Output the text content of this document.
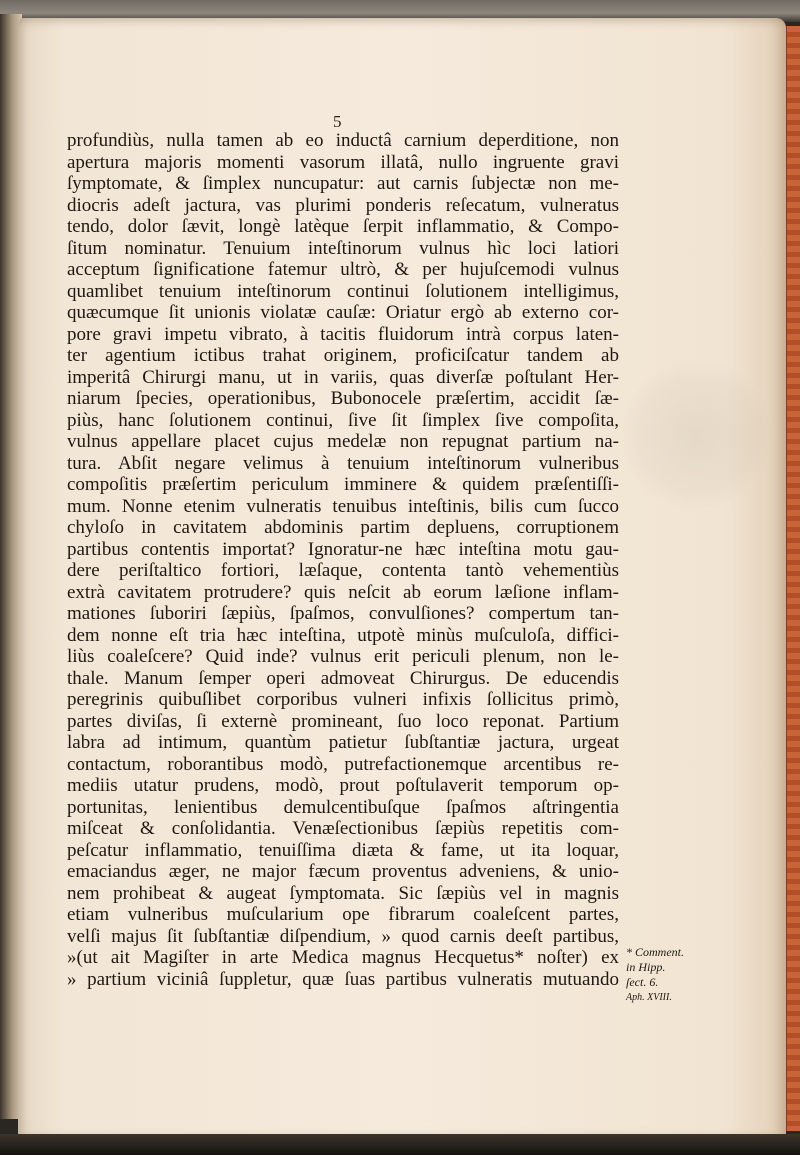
5
profundiùs, nulla tamen ab eo inductâ carnium deperditione, non
apertura majoris momenti vasorum illatâ, nullo ingruente gravi
ſymptomate, & ſimplex nuncupatur: aut carnis ſubjectæ non me-
diocris adeſt jactura, vas plurimi ponderis reſecatum, vulneratus
tendo, dolor ſævit, longè latèque ſerpit inflammatio, & Compo-
ſitum nominatur. Tenuium inteſtinorum vulnus hìc loci latiori
acceptum ſignificatione fatemur ultrò, & per hujuſcemodi vulnus
quamlibet tenuium inteſtinorum continui ſolutionem intelligimus,
quæcumque ſit unionis violatæ cauſæ: Oriatur ergò ab externo cor-
pore gravi impetu vibrato, à tacitis fluidorum intrà corpus laten-
ter agentium ictibus trahat originem, proficiſcatur tandem ab
imperitâ Chirurgi manu, ut in variis, quas diverſæ poſtulant Her-
niarum ſpecies, operationibus, Bubonocele præſertim, accidit ſæ-
piùs, hanc ſolutionem continui, ſive ſit ſimplex ſive compoſita,
vulnus appellare placet cujus medelæ non repugnat partium na-
tura. Abſit negare velimus à tenuium inteſtinorum vulneribus
compoſitis præſertim periculum imminere & quidem præſentiſſi-
mum. Nonne etenim vulneratis tenuibus inteſtinis, bilis cum ſucco
chyloſo in cavitatem abdominis partim depluens, corruptionem
partibus contentis importat? Ignoratur-ne hæc inteſtina motu gau-
dere periſtaltico fortiori, læſaque, contenta tantò vehementiùs
extrà cavitatem protrudere? quis neſcit ab eorum læſione inflam-
mationes ſuboriri ſæpiùs, ſpaſmos, convulſiones? compertum tan-
dem nonne eſt tria hæc inteſtina, utpotè minùs muſculoſa, diffici-
liùs coaleſcere? Quid inde? vulnus erit periculi plenum, non le-
thale. Manum ſemper operi admoveat Chirurgus. De educendis
peregrinis quibuſlibet corporibus vulneri infixis ſollicitus primò,
partes diviſas, ſi externè promineant, ſuo loco reponat. Partium
labra ad intimum, quantùm patietur ſubſtantiæ jactura, urgeat
contactum, roborantibus modò, putrefactionemque arcentibus re-
mediis utatur prudens, modò, prout poſtulaverit temporum op-
portunitas, lenientibus demulcentibuſque ſpaſmos aſtringentia
miſceat & conſolidantia. Venæſectionibus ſæpiùs repetitis com-
peſcatur inflammatio, tenuiſſima diæta & fame, ut ita loquar,
emaciandus æger, ne major fæcum proventus adveniens, & unio-
nem prohibeat & augeat ſymptomata. Sic ſæpiùs vel in magnis
etiam vulneribus muſcularium ope fibrarum coaleſcent partes,
velſi majus ſit ſubſtantiæ diſpendium, » quod carnis deeſt partibus,
»(ut ait Magiſter in arte Medica magnus Hecquetus* noſter) ex
» partium viciniâ ſuppletur, quæ ſuas partibus vulneratis mutuando
* Comment.
in Hipp.
ſect. 6.
Aph. XVIII.
